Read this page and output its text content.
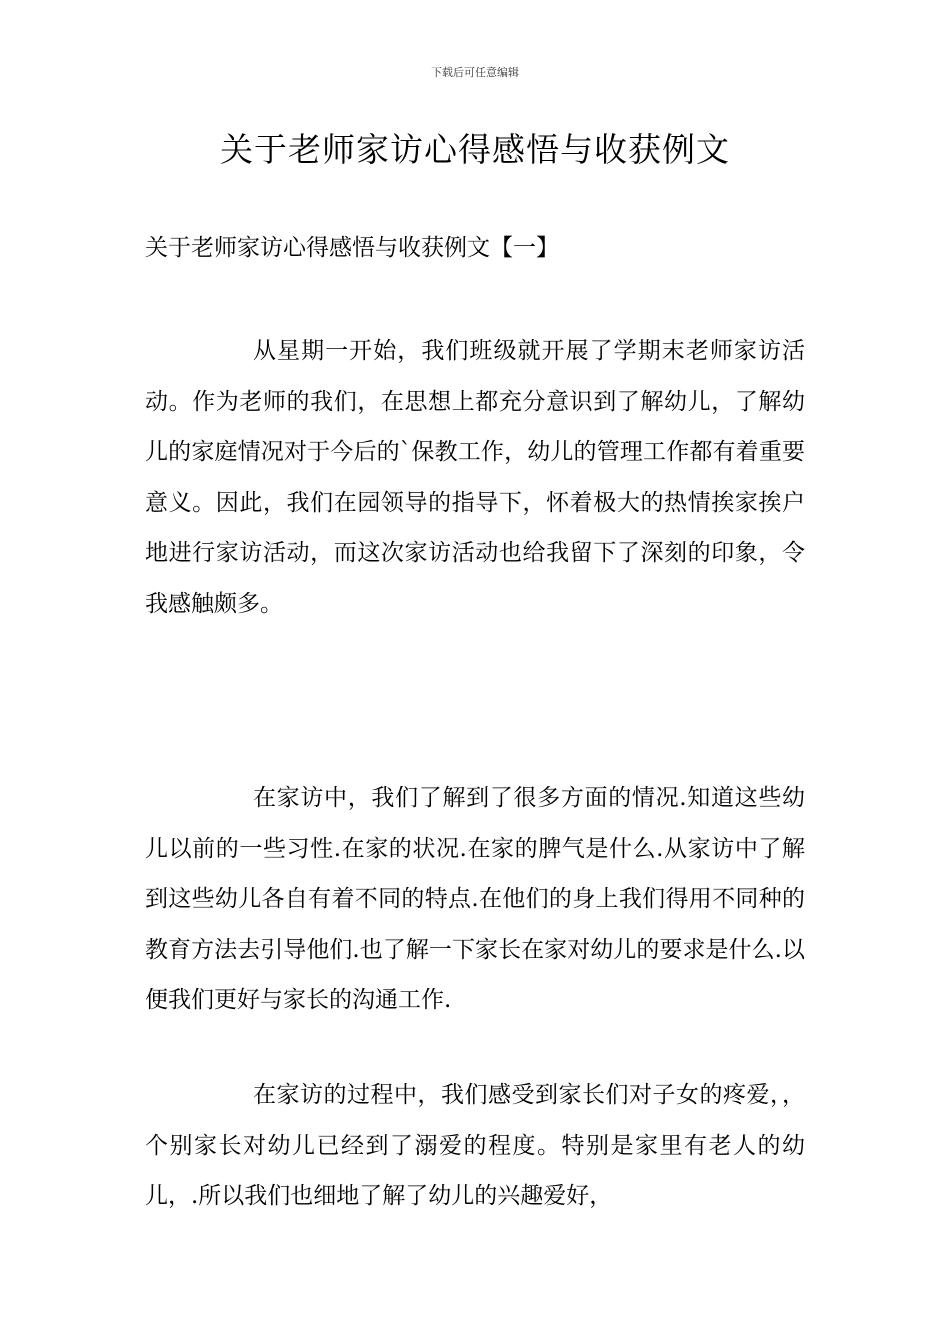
下载后可任意编辑
关于老师家访心得感悟与收获例文
关于老师家访心得感悟与收获例文【一】

从星期一开始，我们班级就开展了学期末老师家访活动。作为老师的我们，在思想上都充分意识到了解幼儿，了解幼儿的家庭情况对于今后的`保教工作，幼儿的管理工作都有着重要意义。因此，我们在园领导的指导下，怀着极大的热情挨家挨户地进行家访活动，而这次家访活动也给我留下了深刻的印象，令我感触颇多。

在家访中，我们了解到了很多方面的情况.知道这些幼儿以前的一些习性.在家的状况.在家的脾气是什么.从家访中了解到这些幼儿各自有着不同的特点.在他们的身上我们得用不同种的教育方法去引导他们.也了解一下家长在家对幼儿的要求是什么.以便我们更好与家长的沟通工作.

在家访的过程中，我们感受到家长们对子女的疼爱，，个别家长对幼儿已经到了溺爱的程度。特别是家里有老人的幼儿，.所以我们也细地了解了幼儿的兴趣爱好，
